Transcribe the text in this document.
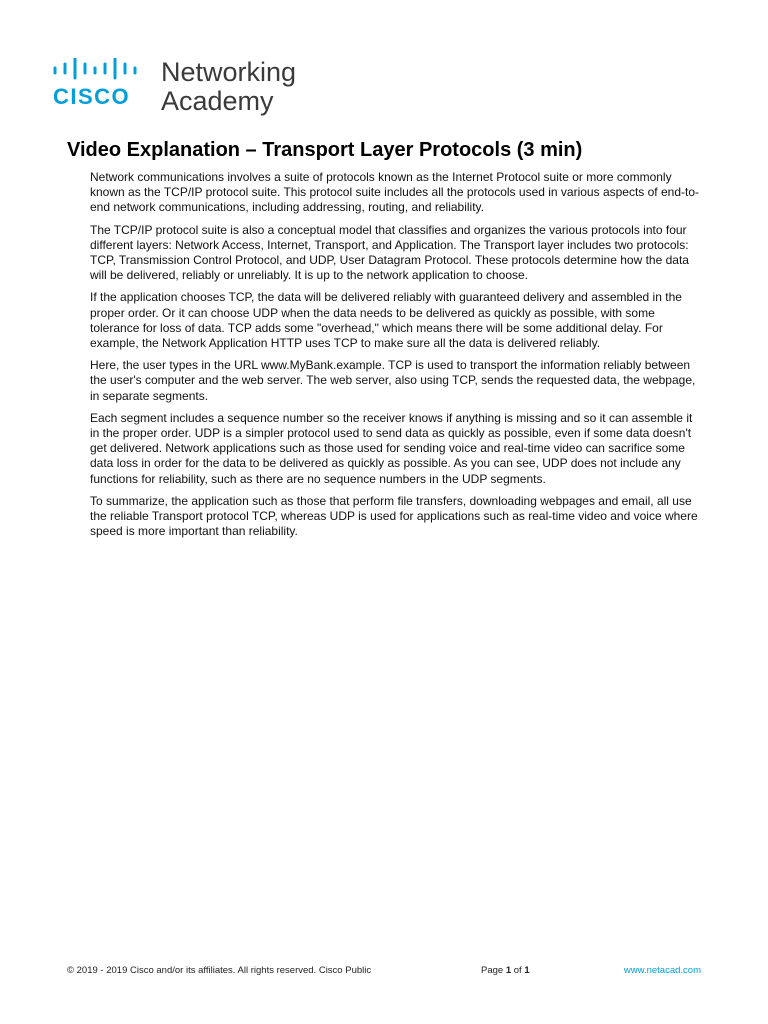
CISCO
Networking
Academy
Video Explanation – Transport Layer Protocols (3 min)

Network communications involves a suite of protocols known as the Internet Protocol suite or more commonly known as the TCP/IP protocol suite. This protocol suite includes all the protocols used in various aspects of end-to-end network communications, including addressing, routing, and reliability.

The TCP/IP protocol suite is also a conceptual model that classifies and organizes the various protocols into four different layers: Network Access, Internet, Transport, and Application. The Transport layer includes two protocols: TCP, Transmission Control Protocol, and UDP, User Datagram Protocol. These protocols determine how the data will be delivered, reliably or unreliably. It is up to the network application to choose.

If the application chooses TCP, the data will be delivered reliably with guaranteed delivery and assembled in the proper order. Or it can choose UDP when the data needs to be delivered as quickly as possible, with some tolerance for loss of data. TCP adds some "overhead," which means there will be some additional delay. For example, the Network Application HTTP uses TCP to make sure all the data is delivered reliably.

Here, the user types in the URL www.MyBank.example. TCP is used to transport the information reliably between the user's computer and the web server. The web server, also using TCP, sends the requested data, the webpage, in separate segments.

Each segment includes a sequence number so the receiver knows if anything is missing and so it can assemble it in the proper order. UDP is a simpler protocol used to send data as quickly as possible, even if some data doesn't get delivered. Network applications such as those used for sending voice and real-time video can sacrifice some data loss in order for the data to be delivered as quickly as possible. As you can see, UDP does not include any functions for reliability, such as there are no sequence numbers in the UDP segments.

To summarize, the application such as those that perform file transfers, downloading webpages and email, all use the reliable Transport protocol TCP, whereas UDP is used for applications such as real-time video and voice where speed is more important than reliability.

© 2019 - 2019 Cisco and/or its affiliates. All rights reserved. Cisco Public	Page 1 of 1	www.netacad.com
